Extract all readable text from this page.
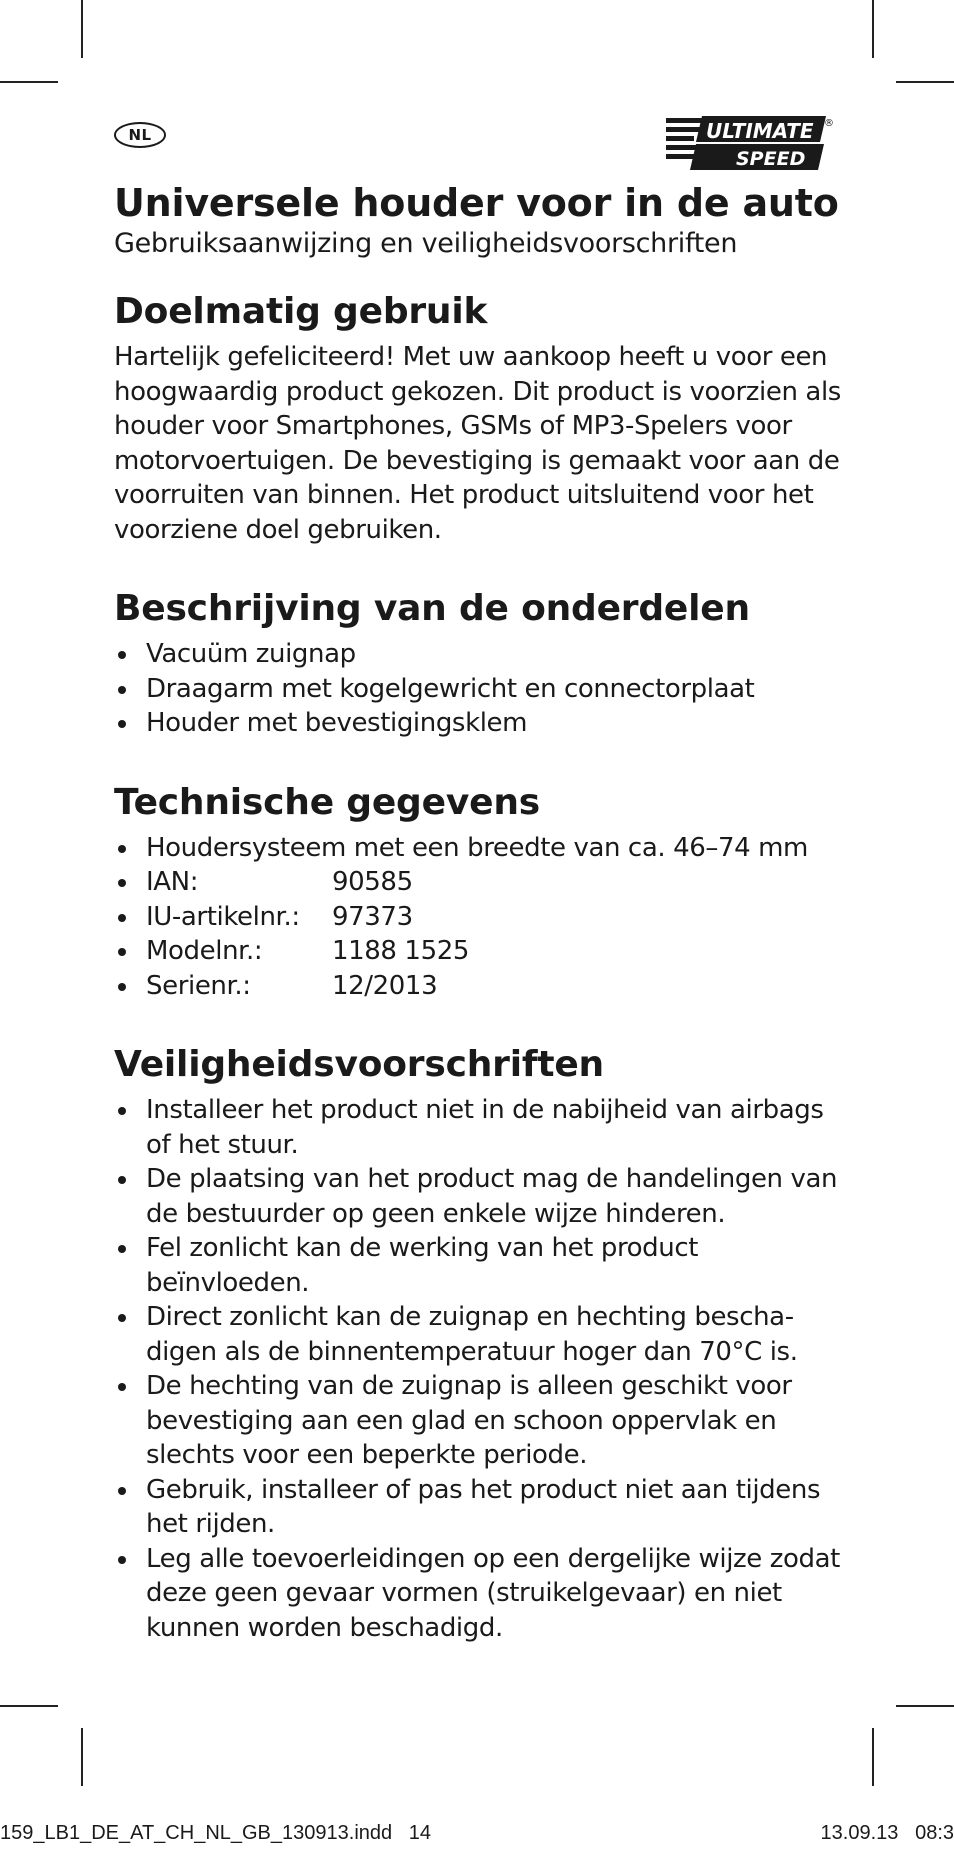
NL	ULTIMATE
SPEED
®
Universele houder voor in de auto
Gebruiksaanwijzing en veiligheidsvoorschriften
Doelmatig gebruik

Hartelijk gefeliciteerd! Met uw aankoop heeft u voor een hoogwaardig product gekozen. Dit product is voorzien als houder voor Smartphones, GSMs of MP3-Spelers voor motorvoertuigen. De bevestiging is gemaakt voor aan de voorruiten van binnen. Het product uitsluitend voor het voorziene doel gebruiken.

Beschrijving van de onderdelen
Vacuüm zuignap
Draagarm met kogelgewricht en connectorplaat
Houder met bevestigingsklem
Technische gegevens
Houdersysteem met een breedte van ca. 46–74 mm
IAN:	90585
IU-artikelnr.:	97373
Modelnr.:	1188 1525
Serienr.:	12/2013
Veiligheidsvoorschriften
Installeer het product niet in de nabijheid van airbags of het stuur.
De plaatsing van het product mag de handelingen van de bestuurder op geen enkele wijze hinderen.
Fel zonlicht kan de werking van het product beïnvloeden.
Direct zonlicht kan de zuignap en hechting bescha-digen als de binnentemperatuur hoger dan 70°C is.
De hechting van de zuignap is alleen geschikt voor bevestiging aan een glad en schoon oppervlak en slechts voor een beperkte periode.
Gebruik, installeer of pas het product niet aan tijdens het rijden.
Leg alle toevoerleidingen op een dergelijke wijze zodat deze geen gevaar vormen (struikelgevaar) en niet kunnen worden beschadigd.
159_LB1_DE_AT_CH_NL_GB_130913.indd   14	13.09.13   08:3
